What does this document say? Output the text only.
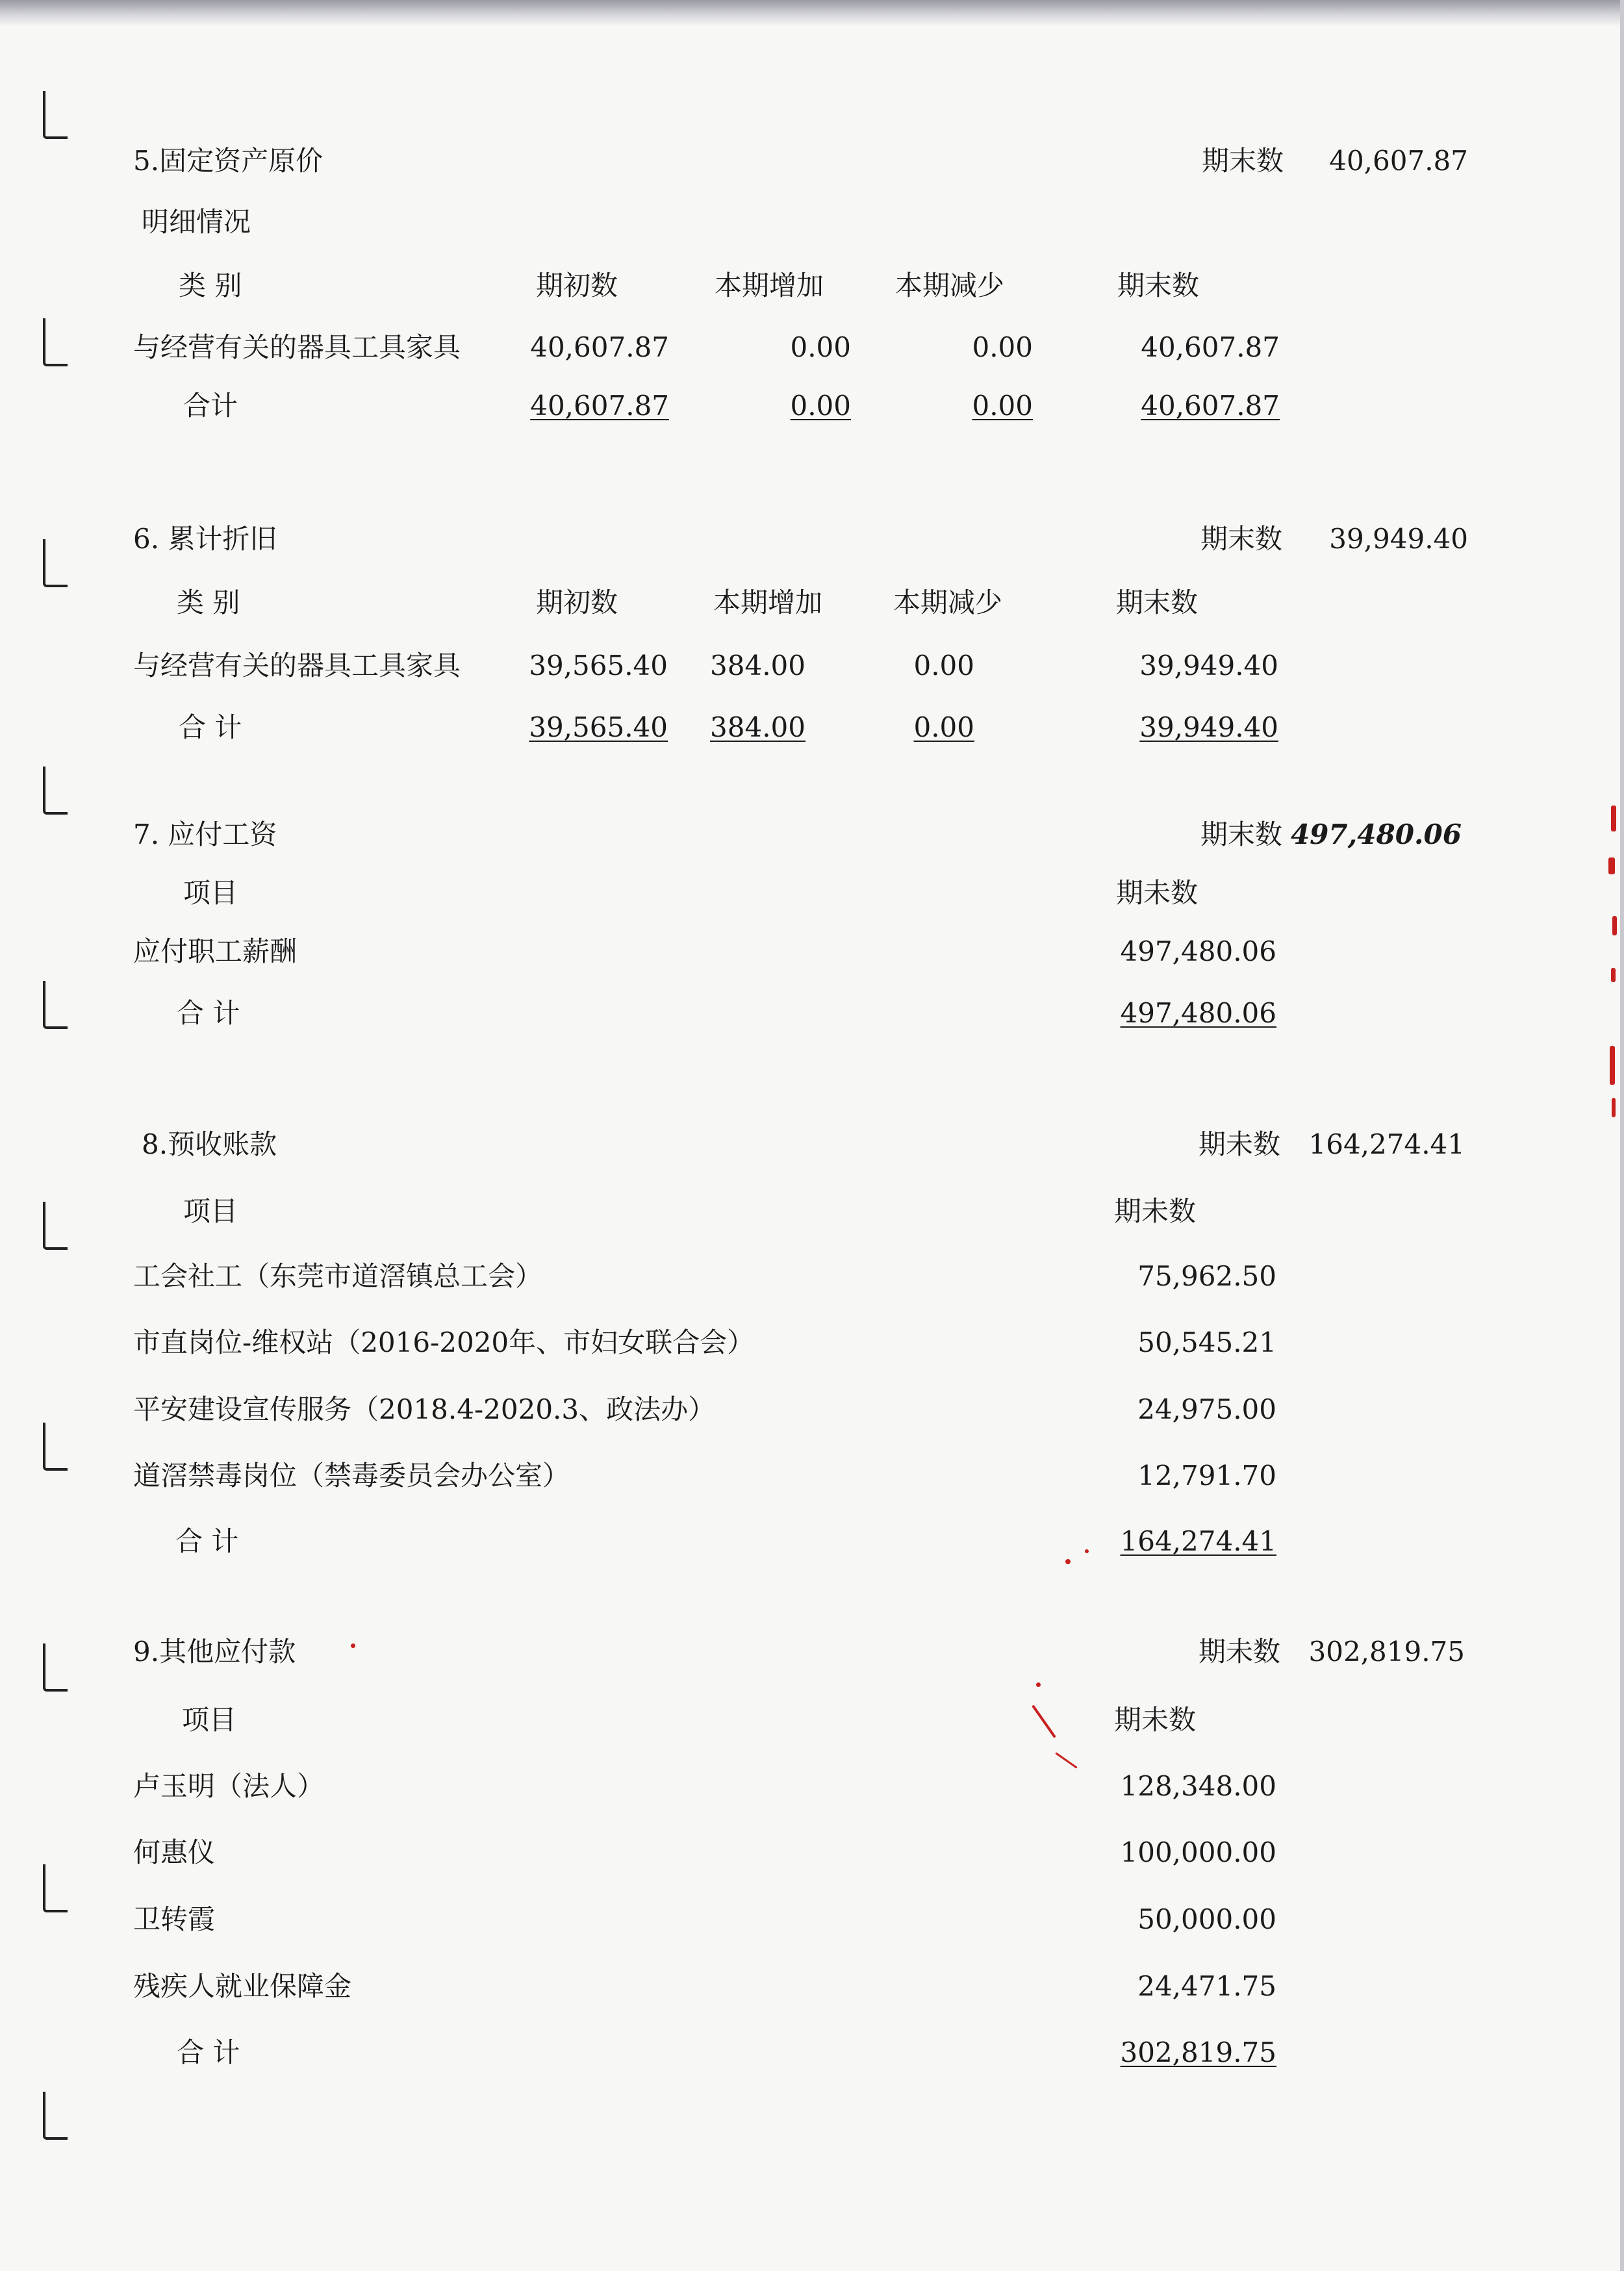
5.固定资产原价	期末数	40,607.87
明细情况
类 别	期初数	本期增加	本期减少	期末数
与经营有关的器具工具家具	40,607.87	0.00	0.00	40,607.87
合计	40,607.87	0.00	0.00	40,607.87
6. 累计折旧	期末数	39,949.40
类 别	期初数	本期增加	本期减少	期末数
与经营有关的器具工具家具	39,565.40	384.00	0.00	39,949.40
合 计	39,565.40	384.00	0.00	39,949.40
7. 应付工资	期末数 497,480.06
项目	期未数
应付职工薪酬	497,480.06
合 计	497,480.06
8.预收账款	期未数	164,274.41
项目	期未数
工会社工（东莞市道滘镇总工会）	75,962.50
市直岗位-维权站（2016-2020年、市妇女联合会）	50,545.21
平安建设宣传服务（2018.4-2020.3、政法办）	24,975.00
道滘禁毒岗位（禁毒委员会办公室）	12,791.70
合 计	164,274.41
9.其他应付款	期未数	302,819.75
项目	期未数
卢玉明（法人）	128,348.00
何惠仪	100,000.00
卫转霞	50,000.00
残疾人就业保障金	24,471.75
合 计	302,819.75
